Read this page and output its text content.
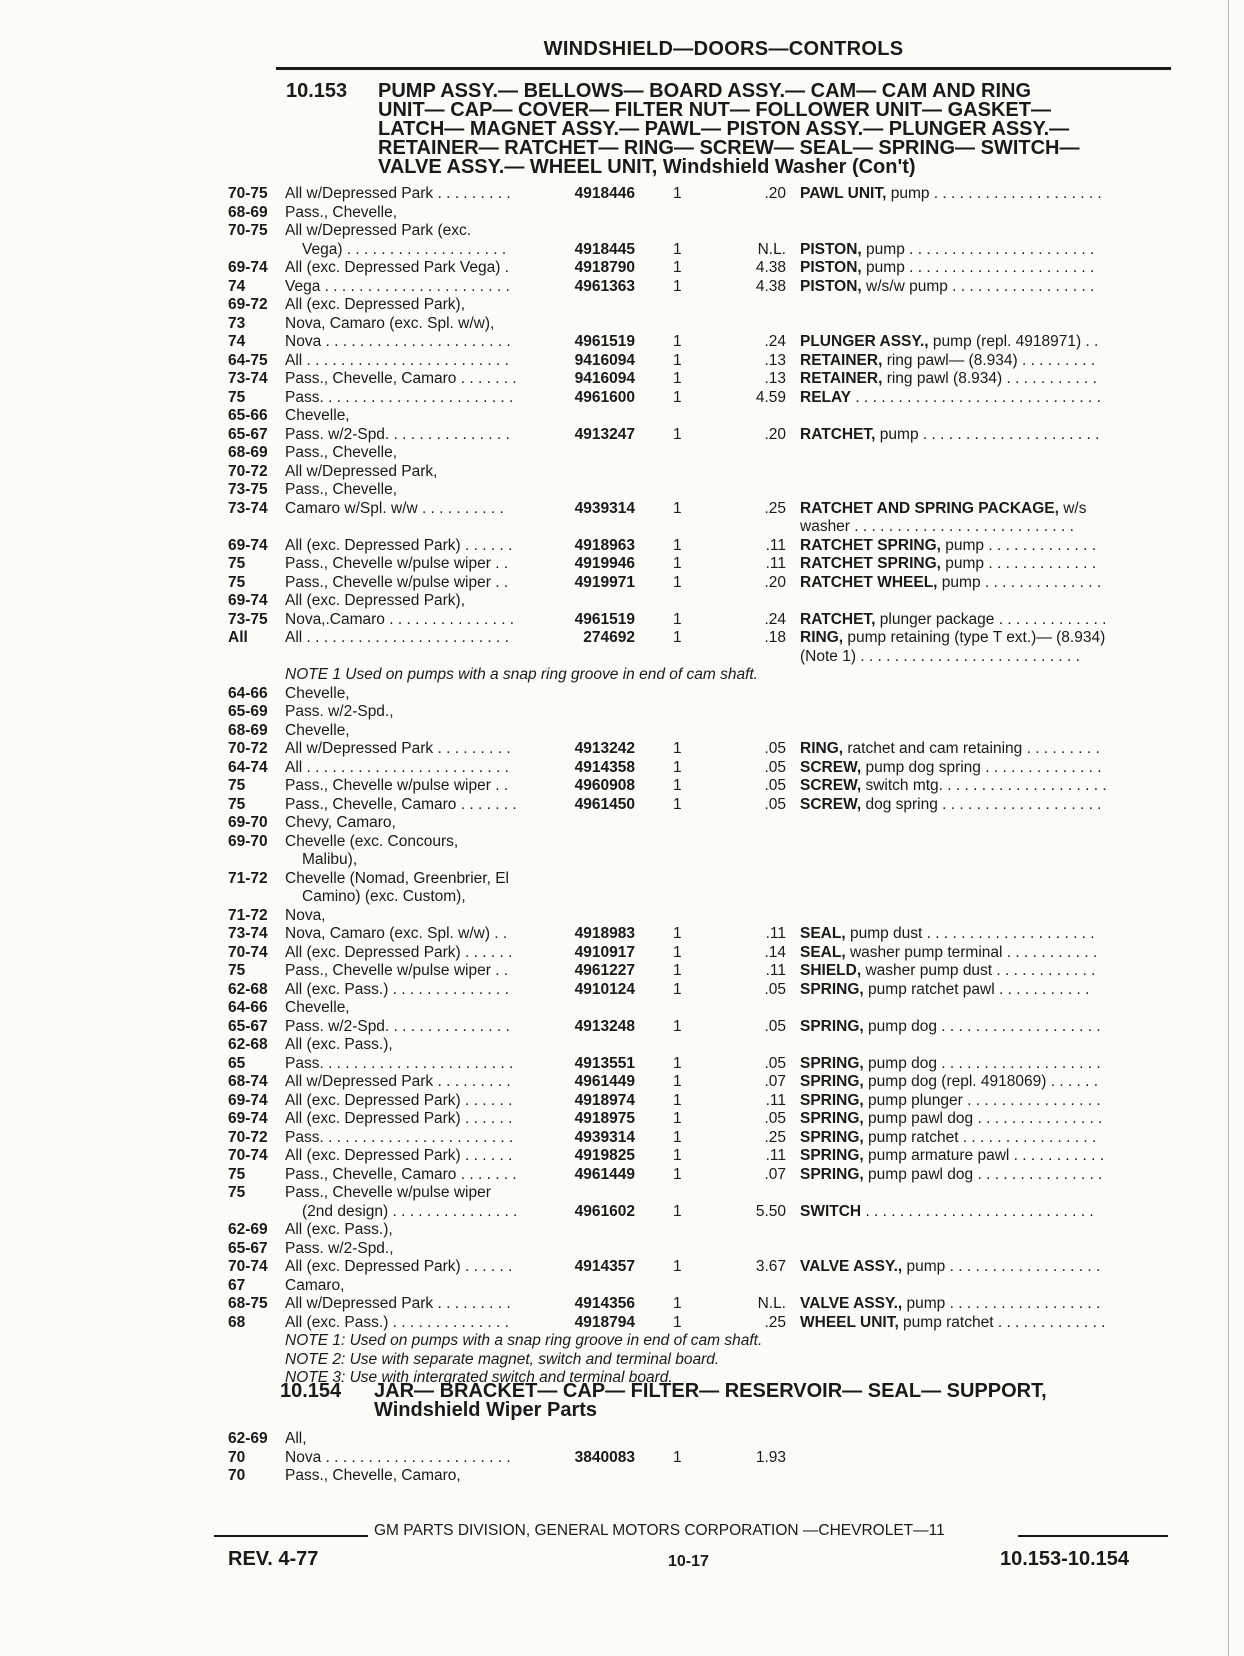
WINDSHIELD—DOORS—CONTROLS
10.153 PUMP ASSY.— BELLOWS— BOARD ASSY.— CAM— CAM AND RING
UNIT— CAP— COVER— FILTER NUT— FOLLOWER UNIT— GASKET—
LATCH— MAGNET ASSY.— PAWL— PISTON ASSY.— PLUNGER ASSY.—
RETAINER— RATCHET— RING— SCREW— SEAL— SPRING— SWITCH—
VALVE ASSY.— WHEEL UNIT, Windshield Washer (Con't)
70-75 All w/Depressed Park . . . . . . . . .	4918446 1	.20 PAWL UNIT, pump . . . . . . . . . . . . . . . . . . . .
68-69 Pass., Chevelle,
70-75 All w/Depressed Park (exc.
Vega) . . . . . . . . . . . . . . . . . . .	4918445 1	N.L. PISTON, pump . . . . . . . . . . . . . . . . . . . . . .
69-74 All (exc. Depressed Park Vega) .	4918790 1	4.38 PISTON, pump . . . . . . . . . . . . . . . . . . . . . .
74	Vega . . . . . . . . . . . . . . . . . . . . . .	4961363 1	4.38 PISTON, w/s/w pump . . . . . . . . . . . . . . . . .
69-72 All (exc. Depressed Park),
73	Nova, Camaro (exc. Spl. w/w),
74	Nova . . . . . . . . . . . . . . . . . . . . . .	4961519 1	.24 PLUNGER ASSY., pump (repl. 4918971) . .
64-75 All . . . . . . . . . . . . . . . . . . . . . . . .	9416094 1	.13 RETAINER, ring pawl— (8.934) . . . . . . . . .
73-74 Pass., Chevelle, Camaro . . . . . . .	9416094 1	.13 RETAINER, ring pawl (8.934) . . . . . . . . . . .
75	Pass. . . . . . . . . . . . . . . . . . . . . . .	4961600 1	4.59 RELAY . . . . . . . . . . . . . . . . . . . . . . . . . . . . .
65-66 Chevelle,
65-67 Pass. w/2-Spd. . . . . . . . . . . . . . .	4913247 1	.20 RATCHET, pump . . . . . . . . . . . . . . . . . . . . .
68-69 Pass., Chevelle,
70-72 All w/Depressed Park,
73-75 Pass., Chevelle,
73-74 Camaro w/Spl. w/w . . . . . . . . . .	4939314 1	.25 RATCHET AND SPRING PACKAGE, w/s
washer . . . . . . . . . . . . . . . . . . . . . . . . . .
69-74 All (exc. Depressed Park) . . . . . .	4918963 1	.11 RATCHET SPRING, pump . . . . . . . . . . . . .
75	Pass., Chevelle w/pulse wiper . .	4919946 1	.11 RATCHET SPRING, pump . . . . . . . . . . . . .
75	Pass., Chevelle w/pulse wiper . .	4919971 1	.20 RATCHET WHEEL, pump . . . . . . . . . . . . . .
69-74 All (exc. Depressed Park),
73-75 Nova,.Camaro . . . . . . . . . . . . . . .	4961519 1	.24 RATCHET, plunger package . . . . . . . . . . . . .
All All . . . . . . . . . . . . . . . . . . . . . . . .	274692 1	.18 RING, pump retaining (type T ext.)— (8.934)
(Note 1) . . . . . . . . . . . . . . . . . . . . . . . . . .
NOTE 1 Used on pumps with a snap ring groove in end of cam shaft.
64-66 Chevelle,
65-69 Pass. w/2-Spd.,
68-69 Chevelle,
70-72 All w/Depressed Park . . . . . . . . .	4913242 1	.05 RING, ratchet and cam retaining . . . . . . . . .
64-74 All . . . . . . . . . . . . . . . . . . . . . . . .	4914358 1	.05 SCREW, pump dog spring . . . . . . . . . . . . . .
75	Pass., Chevelle w/pulse wiper . .	4960908 1	.05 SCREW, switch mtg. . . . . . . . . . . . . . . . . . . .
75	Pass., Chevelle, Camaro . . . . . . .	4961450 1	.05 SCREW, dog spring . . . . . . . . . . . . . . . . . . .
69-70 Chevy, Camaro,
69-70 Chevelle (exc. Concours,
Malibu),
71-72 Chevelle (Nomad, Greenbrier, El
Camino) (exc. Custom),
71-72 Nova,
73-74 Nova, Camaro (exc. Spl. w/w) . .	4918983 1	.11 SEAL, pump dust . . . . . . . . . . . . . . . . . . . .
70-74 All (exc. Depressed Park) . . . . . .	4910917 1	.14 SEAL, washer pump terminal . . . . . . . . . . .
75	Pass., Chevelle w/pulse wiper . .	4961227 1	.11 SHIELD, washer pump dust . . . . . . . . . . . .
62-68 All (exc. Pass.) . . . . . . . . . . . . . .	4910124 1	.05 SPRING, pump ratchet pawl . . . . . . . . . . .
64-66 Chevelle,
65-67 Pass. w/2-Spd. . . . . . . . . . . . . . .	4913248 1	.05 SPRING, pump dog . . . . . . . . . . . . . . . . . . .
62-68 All (exc. Pass.),
65	Pass. . . . . . . . . . . . . . . . . . . . . . .	4913551 1	.05 SPRING, pump dog . . . . . . . . . . . . . . . . . . .
68-74 All w/Depressed Park . . . . . . . . .	4961449 1	.07 SPRING, pump dog (repl. 4918069) . . . . . .
69-74 All (exc. Depressed Park) . . . . . .	4918974 1	.11 SPRING, pump plunger . . . . . . . . . . . . . . . .
69-74 All (exc. Depressed Park) . . . . . .	4918975 1	.05 SPRING, pump pawl dog . . . . . . . . . . . . . . .
70-72 Pass. . . . . . . . . . . . . . . . . . . . . . .	4939314 1	.25 SPRING, pump ratchet . . . . . . . . . . . . . . . .
70-74 All (exc. Depressed Park) . . . . . .	4919825 1	.11 SPRING, pump armature pawl . . . . . . . . . . .
75	Pass., Chevelle, Camaro . . . . . . .	4961449 1	.07 SPRING, pump pawl dog . . . . . . . . . . . . . . .
75	Pass., Chevelle w/pulse wiper
(2nd design) . . . . . . . . . . . . . . .	4961602 1	5.50 SWITCH . . . . . . . . . . . . . . . . . . . . . . . . . . .
62-69 All (exc. Pass.),
65-67 Pass. w/2-Spd.,
70-74 All (exc. Depressed Park) . . . . . .	4914357 1	3.67 VALVE ASSY., pump . . . . . . . . . . . . . . . . . .
67	Camaro,
68-75 All w/Depressed Park . . . . . . . . .	4914356 1	N.L. VALVE ASSY., pump . . . . . . . . . . . . . . . . . .
68	All (exc. Pass.) . . . . . . . . . . . . . .	4918794 1	.25 WHEEL UNIT, pump ratchet . . . . . . . . . . . . .
NOTE 1: Used on pumps with a snap ring groove in end of cam shaft.
NOTE 2: Use with separate magnet, switch and terminal board.
NOTE 3: Use with intergrated switch and terminal board.
10.154 JAR— BRACKET— CAP— FILTER— RESERVOIR— SEAL— SUPPORT,
Windshield Wiper Parts
62-69 All,
70	Nova . . . . . . . . . . . . . . . . . . . . . .	3840083 1	1.93
70	Pass., Chevelle, Camaro,
GM PARTS DIVISION, GENERAL MOTORS CORPORATION —CHEVROLET—11
REV. 4-77	10-17	10.153-10.154
